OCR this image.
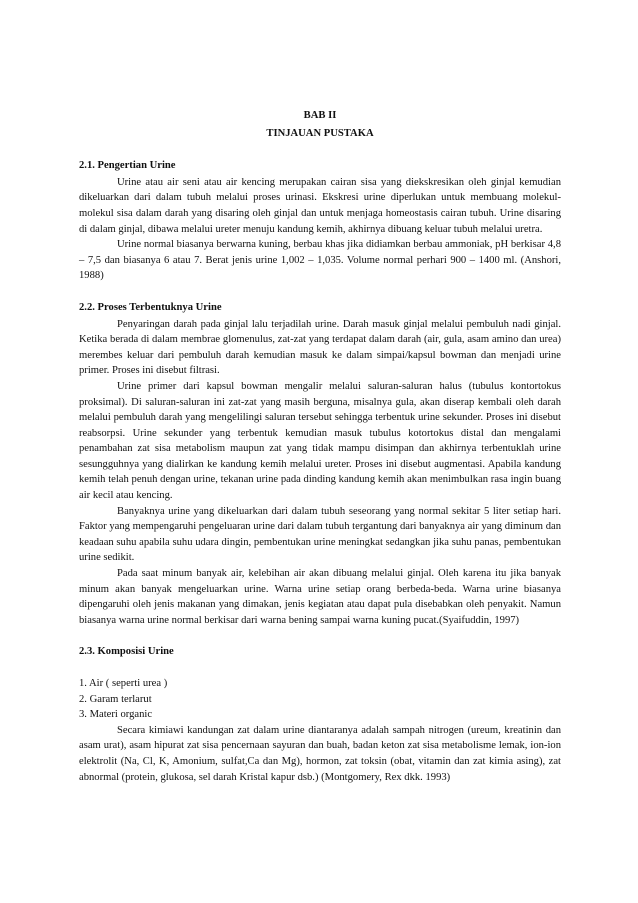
BAB II
TINJAUAN PUSTAKA
2.1. Pengertian Urine

Urine atau air seni atau air kencing merupakan cairan sisa yang diekskresikan oleh ginjal kemudian dikeluarkan dari dalam tubuh melalui proses urinasi. Ekskresi urine diperlukan untuk membuang molekul-molekul sisa dalam darah yang disaring oleh ginjal dan untuk menjaga homeostasis cairan tubuh. Urine disaring di dalam ginjal, dibawa melalui ureter menuju kandung kemih, akhirnya dibuang keluar tubuh melalui uretra.

Urine normal biasanya berwarna kuning, berbau khas jika didiamkan berbau ammoniak, pH berkisar 4,8 – 7,5 dan biasanya 6 atau 7. Berat jenis urine 1,002 – 1,035. Volume normal perhari 900 – 1400 ml. (Anshori, 1988)

2.2. Proses Terbentuknya Urine

Penyaringan darah pada ginjal lalu terjadilah urine. Darah masuk ginjal melalui pembuluh nadi ginjal. Ketika berada di dalam membrae glomenulus, zat-zat yang terdapat dalam darah (air, gula, asam amino dan urea) merembes keluar dari pembuluh darah kemudian masuk ke dalam simpai/kapsul bowman dan menjadi urine primer. Proses ini disebut filtrasi.

Urine primer dari kapsul bowman mengalir melalui saluran-saluran halus (tubulus kontortokus proksimal). Di saluran-saluran ini zat-zat yang masih berguna, misalnya gula, akan diserap kembali oleh darah melalui pembuluh darah yang mengelilingi saluran tersebut sehingga terbentuk urine sekunder. Proses ini disebut reabsorpsi. Urine sekunder yang terbentuk kemudian masuk tubulus kotortokus distal dan mengalami penambahan zat sisa metabolism maupun zat yang tidak mampu disimpan dan akhirnya terbentuklah urine sesungguhnya yang dialirkan ke kandung kemih melalui ureter. Proses ini disebut augmentasi. Apabila kandung kemih telah penuh dengan urine, tekanan urine pada dinding kandung kemih akan menimbulkan rasa ingin buang air kecil atau kencing.

Banyaknya urine yang dikeluarkan dari dalam tubuh seseorang yang normal sekitar 5 liter setiap hari. Faktor yang mempengaruhi pengeluaran urine dari dalam tubuh tergantung dari banyaknya air yang diminum dan keadaan suhu apabila suhu udara dingin, pembentukan urine meningkat sedangkan jika suhu panas, pembentukan urine sedikit.

Pada saat minum banyak air, kelebihan air akan dibuang melalui ginjal. Oleh karena itu jika banyak minum akan banyak mengeluarkan urine. Warna urine setiap orang berbeda-beda. Warna urine biasanya dipengaruhi oleh jenis makanan yang dimakan, jenis kegiatan atau dapat pula disebabkan oleh penyakit. Namun biasanya warna urine normal berkisar dari warna bening sampai warna kuning pucat.(Syaifuddin, 1997)

2.3. Komposisi Urine
1. Air ( seperti urea )
2. Garam terlarut
3. Materi organic

Secara kimiawi kandungan zat dalam urine diantaranya adalah sampah nitrogen (ureum, kreatinin dan asam urat), asam hipurat zat sisa pencernaan sayuran dan buah, badan keton zat sisa metabolisme lemak, ion-ion elektrolit (Na, Cl, K, Amonium, sulfat,Ca dan Mg), hormon, zat toksin (obat, vitamin dan zat kimia asing), zat abnormal (protein, glukosa, sel darah Kristal kapur dsb.) (Montgomery, Rex dkk. 1993)
